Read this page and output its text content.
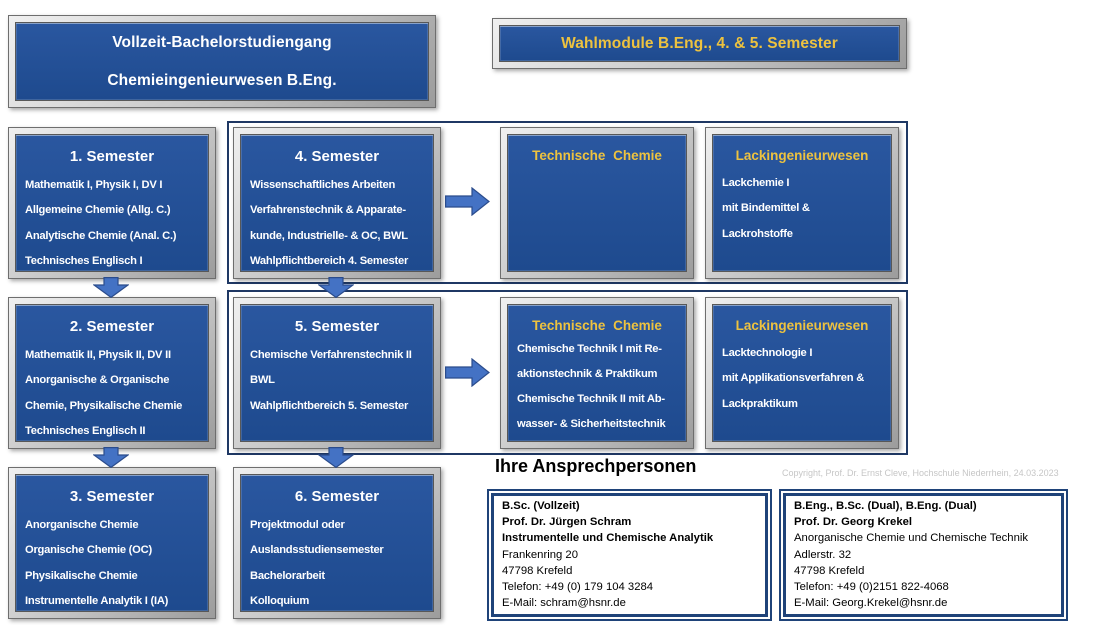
Vollzeit-Bachelorstudiengang
Chemieingenieurwesen B.Eng.
Wahlmodule B.Eng., 4. & 5. Semester
1. Semester
Mathematik I, Physik I, DV I
Allgemeine Chemie (Allg. C.)
Analytische Chemie (Anal. C.)
Technisches Englisch I
2. Semester
Mathematik II, Physik II, DV II
Anorganische & Organische
Chemie, Physikalische Chemie
Technisches Englisch II
3. Semester
Anorganische Chemie
Organische Chemie (OC)
Physikalische Chemie
Instrumentelle Analytik I (IA)
4. Semester
Wissenschaftliches Arbeiten
Verfahrenstechnik & Apparate-
kunde, Industrielle- & OC, BWL
Wahlpflichtbereich 4. Semester
5. Semester
Chemische Verfahrenstechnik II
BWL
Wahlpflichtbereich 5. Semester
6. Semester
Projektmodul oder
Auslandsstudiensemester
Bachelorarbeit
Kolloquium
Technische Chemie	Lackingenieurwesen
Lackchemie I
mit Bindemittel &
Lackrohstoffe
Technische Chemie
Chemische Technik I mit Re-
aktionstechnik & Praktikum
Chemische Technik II mit Ab-
wasser- & Sicherheitstechnik
Lackingenieurwesen
Lacktechnologie I
mit Applikationsverfahren &
Lackpraktikum
Ihre Ansprechpersonen	Copyright, Prof. Dr. Ernst Cleve, Hochschule Niederrhein, 24.03.2023
B.Sc. (Vollzeit)
Prof. Dr. Jürgen Schram
Instrumentelle und Chemische Analytik
Frankenring 20
47798 Krefeld
Telefon: +49 (0) 179 104 3284
E-Mail: schram@hsnr.de
B.Eng., B.Sc. (Dual), B.Eng. (Dual)
Prof. Dr. Georg Krekel
Anorganische Chemie und Chemische Technik
Adlerstr. 32
47798 Krefeld
Telefon: +49 (0)2151 822-4068
E-Mail: Georg.Krekel@hsnr.de
